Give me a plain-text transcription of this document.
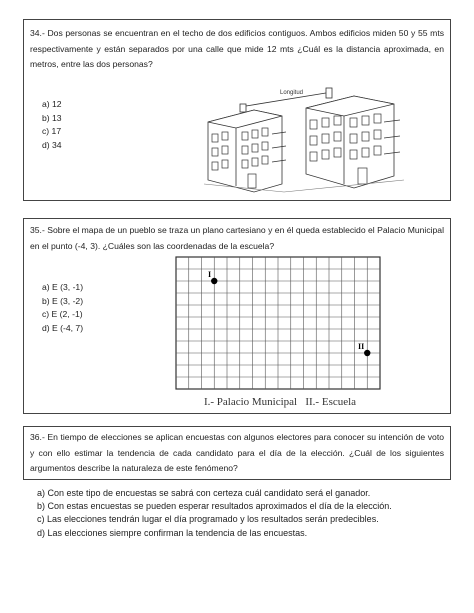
34.- Dos personas se encuentran en el techo de dos edificios contiguos. Ambos edificios miden 50 y 55 mts respectivamente y están separados por una calle que mide 12 mts ¿Cuál es la distancia aproximada, en metros, entre las dos personas?
a) 12
b) 13
c) 17
d) 34
Longitud
35.- Sobre el mapa de un pueblo se traza un plano cartesiano y en él queda establecido el Palacio Municipal en el punto (-4, 3). ¿Cuáles son las coordenadas de la escuela?
a) E (3, -1)
b) E (3, -2)
c) E (2, -1)
d) E (-4, 7)
I
II
I.- Palacio Municipal   II.- Escuela
36.- En tiempo de elecciones se aplican encuestas con algunos electores para conocer su intención de voto y con ello estimar la tendencia de cada candidato para el día de la elección. ¿Cuál de los siguientes argumentos describe la naturaleza de este fenómeno?
a) Con este tipo de encuestas se sabrá con certeza cuál candidato será el ganador.
b) Con estas encuestas se pueden esperar resultados aproximados el día de la elección.
c) Las elecciones tendrán lugar el día programado y los resultados serán predecibles.
d) Las elecciones siempre confirman la tendencia de las encuestas.
